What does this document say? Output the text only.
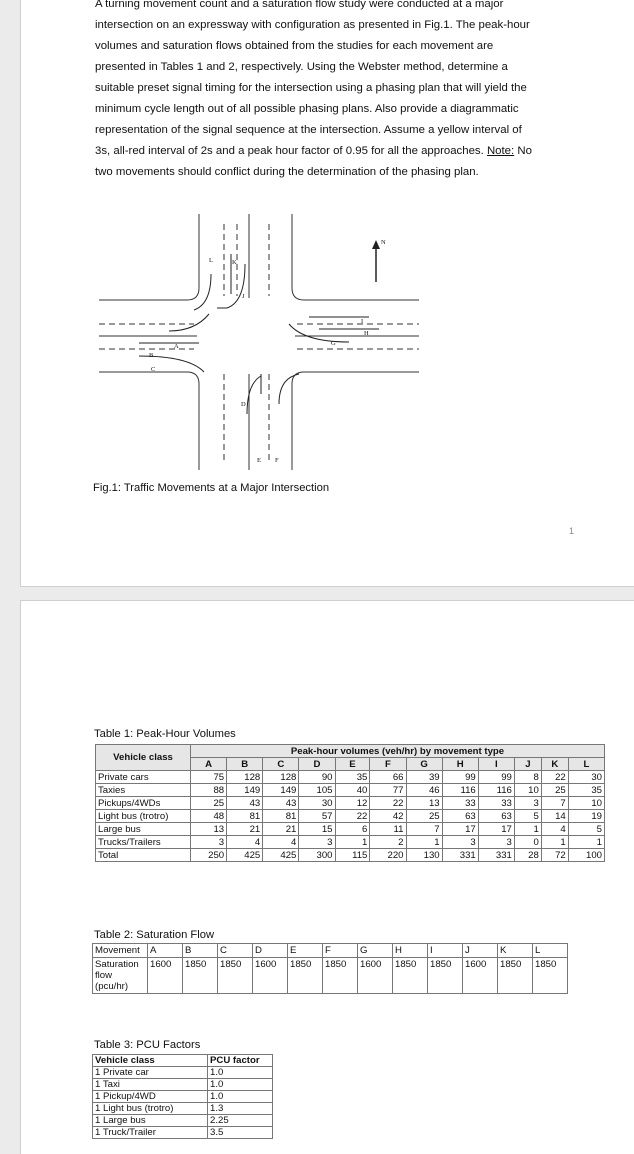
A turning movement count and a saturation flow study were conducted at a major
intersection on an expressway with configuration as presented in Fig.1. The peak-hour
volumes and saturation flows obtained from the studies for each movement are
presented in Tables 1 and 2, respectively. Using the Webster method, determine a
suitable preset signal timing for the intersection using a phasing plan that will yield the
minimum cycle length out of all possible phasing plans. Also provide a diagrammatic
representation of the signal sequence at the intersection. Assume a yellow interval of
3s, all-red interval of 2s and a peak hour factor of 0.95 for all the approaches. Note: No
two movements should conflict during the determination of the phasing plan.
N
L	K
A
B
C
H
I
G
J
D
E F
Fig.1: Traffic Movements at a Major Intersection
1
Table 1: Peak-Hour Volumes
Vehicle class	Peak-hour volumes (veh/hr) by movement type											
	A	B	C	D	E	F	G	H	I	J	K	L
Private cars	75	128	128	90	35	66	39	99	99	8	22	30
Taxies	88	149	149	105	40	77	46	116	116	10	25	35
Pickups/4WDs	25	43	43	30	12	22	13	33	33	3	7	10
Light bus (trotro)	48	81	81	57	22	42	25	63	63	5	14	19
Large bus	13	21	21	15	6	11	7	17	17	1	4	5
Trucks/Trailers	3	4	4	3	1	2	1	3	3	0	1	1
Total	250	425	425	300	115	220	130	331	331	28	72	100
Table 2: Saturation Flow
Movement	A	B	C	D	E	F	G	H	I	J	K	L
Saturation flow (pcu/hr)	1600	1850	1850	1600	1850	1850	1600	1850	1850	1600	1850	1850
Table 3: PCU Factors
Vehicle class	PCU factor
1 Private car	1.0
1 Taxi	1.0
1 Pickup/4WD	1.0
1 Light bus (trotro)	1.3
1 Large bus	2.25
1 Truck/Trailer	3.5
